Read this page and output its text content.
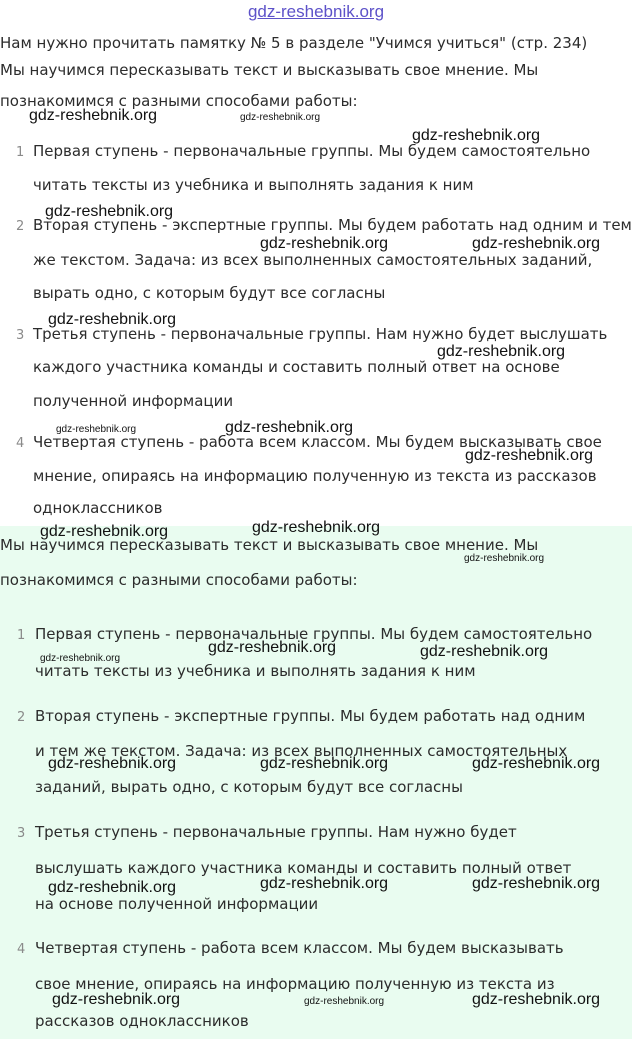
gdz-reshebnik.org
Нам нужно прочитать памятку № 5 в разделе "Учимся учиться" (стр. 234)
Мы научимся пересказывать текст и высказывать свое мнение. Мы
познакомимся с разными способами работы:
1 Первая ступень - первоначальные группы. Мы будем самостоятельно
читать тексты из учебника и выполнять задания к ним
2 Вторая ступень - экспертные группы. Мы будем работать над одним и тем
же текстом. Задача: из всех выполненных самостоятельных заданий,
вырать одно, с которым будут все согласны
3 Третья ступень - первоначальные группы. Нам нужно будет выслушать
каждого участника команды и составить полный ответ на основе
полученной информации
4 Четвертая ступень - работа всем классом. Мы будем высказывать свое
мнение, опираясь на информацию полученную из текста из рассказов
одноклассников
Мы научимся пересказывать текст и высказывать свое мнение. Мы
познакомимся с разными способами работы:
1 Первая ступень - первоначальные группы. Мы будем самостоятельно
читать тексты из учебника и выполнять задания к ним
2 Вторая ступень - экспертные группы. Мы будем работать над одним
и тем же текстом. Задача: из всех выполненных самостоятельных
заданий, вырать одно, с которым будут все согласны
3 Третья ступень - первоначальные группы. Нам нужно будет
выслушать каждого участника команды и составить полный ответ
на основе полученной информации
4 Четвертая ступень - работа всем классом. Мы будем высказывать
свое мнение, опираясь на информацию полученную из текста из
рассказов одноклассников
gdz-reshebnik.org	gdz-reshebnik.org
gdz-reshebnik.org
gdz-reshebnik.org
gdz-reshebnik.org	gdz-reshebnik.org
gdz-reshebnik.org
gdz-reshebnik.org
gdz-reshebnik.org	gdz-reshebnik.org
gdz-reshebnik.org
gdz-reshebnik.org	gdz-reshebnik.org
gdz-reshebnik.org
gdz-reshebnik.org
gdz-reshebnik.org	gdz-reshebnik.org
gdz-reshebnik.org	gdz-reshebnik.org	gdz-reshebnik.org
gdz-reshebnik.org	gdz-reshebnik.org	gdz-reshebnik.org
gdz-reshebnik.org	gdz-reshebnik.org	gdz-reshebnik.org
